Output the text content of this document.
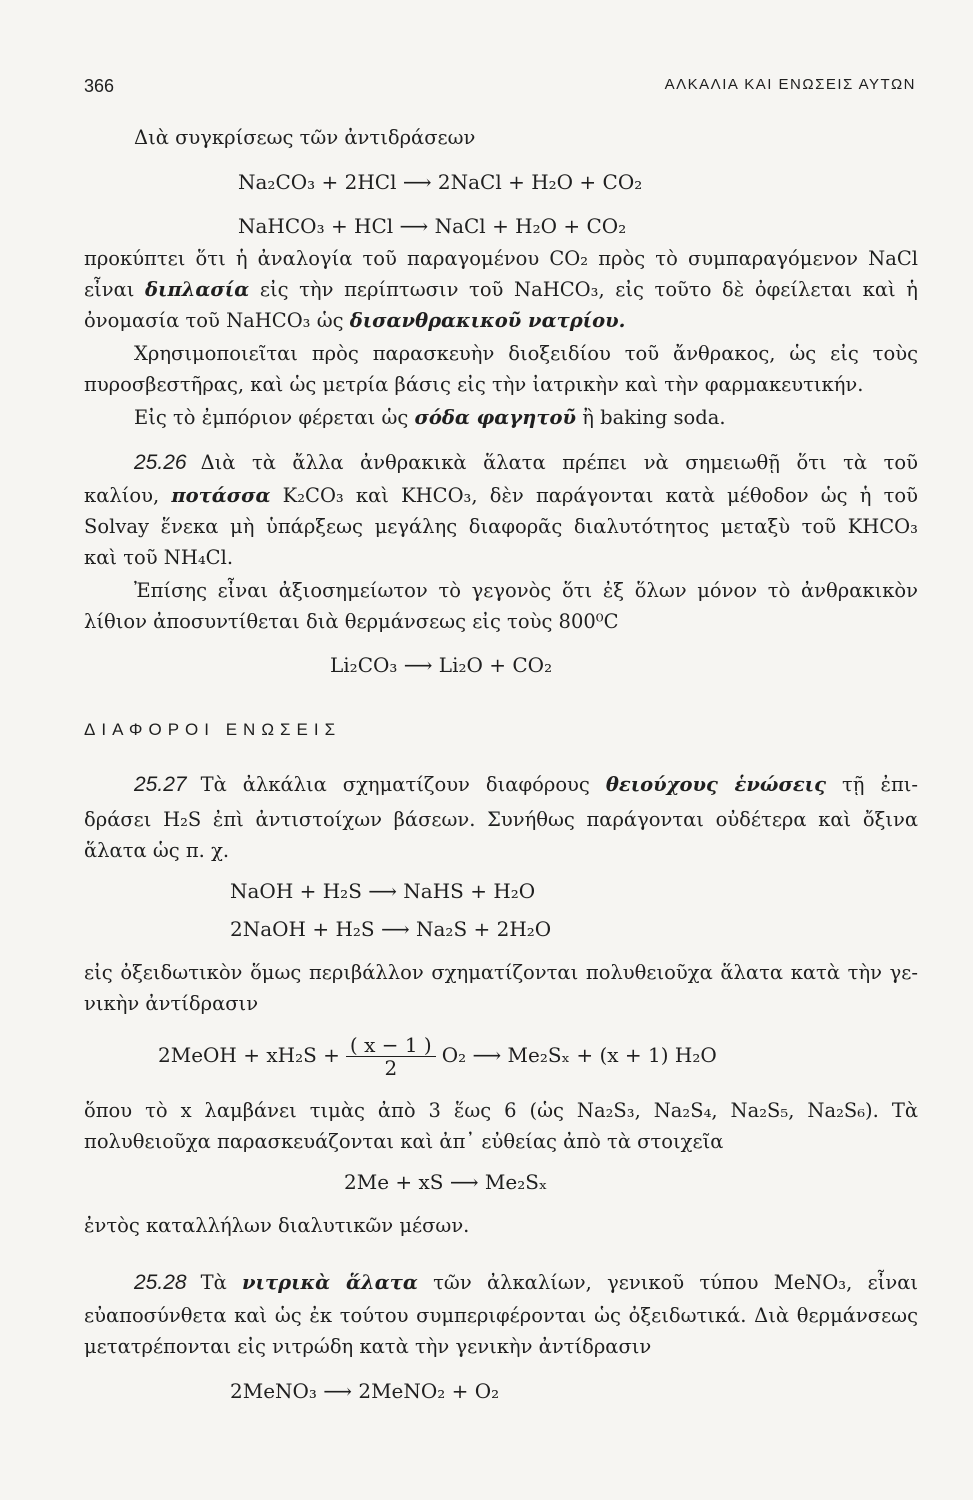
366	ΑΛΚΑΛΙΑ ΚΑΙ ΕΝΩΣΕΙΣ ΑΥΤΩΝ
Διὰ συγκρίσεως τῶν ἀντιδράσεων
Na₂CO₃ + 2HCl ⟶ 2NaCl + H₂O + CO₂
NaHCO₃ + HCl ⟶ NaCl + H₂O + CO₂
προκύπτει ὅτι ἡ ἀναλογία τοῦ παραγομένου CO₂ πρὸς τὸ συμπαραγόμενον NaCl
εἶναι διπλασία εἰς τὴν περίπτωσιν τοῦ NaHCO₃, εἰς τοῦτο δὲ ὀφείλεται καὶ ἡ
ὀνομασία τοῦ NaHCO₃ ὡς δισανθρακικοῦ νατρίου.
Χρησιμοποιεῖται πρὸς παρασκευὴν διοξειδίου τοῦ ἄνθρακος, ὡς εἰς τοὺς
πυροσβεστῆρας, καὶ ὡς μετρία βάσις εἰς τὴν ἰατρικὴν καὶ τὴν φαρμακευτικήν.
Εἰς τὸ ἐμπόριον φέρεται ὡς σόδα φαγητοῦ ἢ baking soda.
25.26 Διὰ τὰ ἄλλα ἀνθρακικὰ ἅλατα πρέπει νὰ σημειωθῇ ὅτι τὰ τοῦ
καλίου, ποτάσσα K₂CO₃ καὶ KHCO₃, δὲν παράγονται κατὰ μέθοδον ὡς ἡ τοῦ
Solvay ἕνεκα μὴ ὑπάρξεως μεγάλης διαφορᾶς διαλυτότητος μεταξὺ τοῦ KHCO₃
καὶ τοῦ NH₄Cl.
Ἐπίσης εἶναι ἀξιοσημείωτον τὸ γεγονὸς ὅτι ἐξ ὅλων μόνον τὸ ἀνθρακικὸν
λίθιον ἀποσυντίθεται διὰ θερμάνσεως εἰς τοὺς 800⁰C
Li₂CO₃ ⟶ Li₂O + CO₂
ΔΙΑΦΟΡΟΙ ΕΝΩΣΕΙΣ
25.27 Τὰ ἀλκάλια σχηματίζουν διαφόρους θειούχους ἑνώσεις τῇ ἐπι-
δράσει H₂S ἐπὶ ἀντιστοίχων βάσεων. Συνήθως παράγονται οὐδέτερα καὶ ὄξινα
ἅλατα ὡς π. χ.
NaOH + H₂S ⟶ NaHS + H₂O
2NaOH + H₂S ⟶ Na₂S + 2H₂O
εἰς ὀξειδωτικὸν ὅμως περιβάλλον σχηματίζονται πολυθειοῦχα ἅλατα κατὰ τὴν γε-
νικὴν ἀντίδρασιν
2MeOH + $xH_2S + \frac{( x - 1 )}{2} O_2$ ⟶ Me₂Sₓ + (x + 1) H₂O
ὅπου τὸ x λαμβάνει τιμὰς ἀπὸ 3 ἕως 6 (ὡς Na₂S₃, Na₂S₄, Na₂S₅, Na₂S₆). Τὰ
πολυθειοῦχα παρασκευάζονται καὶ ἀπ᾽ εὐθείας ἀπὸ τὰ στοιχεῖα
2Me + xS ⟶ Me₂Sₓ
ἐντὸς καταλλήλων διαλυτικῶν μέσων.
25.28 Τὰ νιτρικὰ ἅλατα τῶν ἀλκαλίων, γενικοῦ τύπου MeNO₃, εἶναι
εὐαποσύνθετα καὶ ὡς ἐκ τούτου συμπεριφέρονται ὡς ὀξειδωτικά. Διὰ θερμάνσεως
μετατρέπονται εἰς νιτρώδη κατὰ τὴν γενικὴν ἀντίδρασιν
2MeNO₃ ⟶ 2MeNO₂ + O₂
